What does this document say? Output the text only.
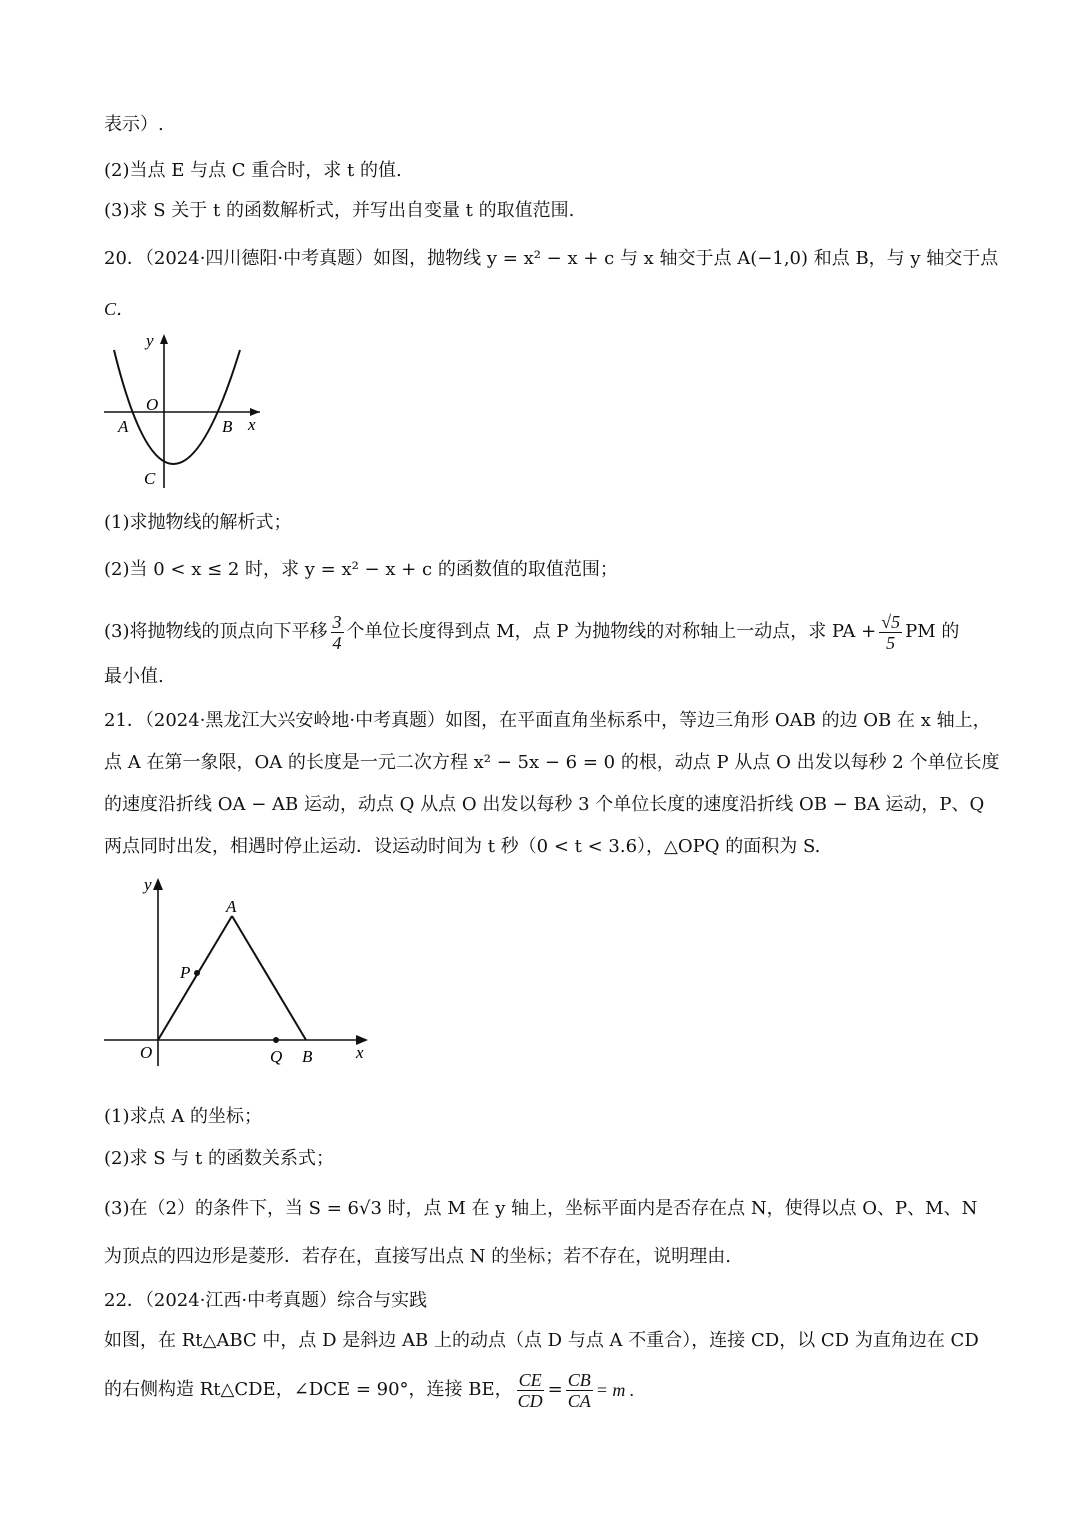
表示）.
(2)当点 E 与点 C 重合时，求 t 的值.
(3)求 S 关于 t 的函数解析式，并写出自变量 t 的取值范围.
20．（2024·四川德阳·中考真题）如图，抛物线 y = x² − x + c 与 x 轴交于点 A(−1,0) 和点 B，与 y 轴交于点
C．
y
O
A	B x
C
(1)求抛物线的解析式；
(2)当 0 < x ≤ 2 时，求 y = x² − x + c 的函数值的取值范围；
(3)将抛物线的顶点向下平移 $\frac{3}{4}$ 个单位长度得到点 M，点 P 为抛物线的对称轴上一动点，求 PA + $\frac{√5}{5}$ PM 的
最小值.
21．（2024·黑龙江大兴安岭地·中考真题）如图，在平面直角坐标系中，等边三角形 OAB 的边 OB 在 x 轴上，
点 A 在第一象限，OA 的长度是一元二次方程 x² − 5x − 6 = 0 的根，动点 P 从点 O 出发以每秒 2 个单位长度
的速度沿折线 OA − AB 运动，动点 Q 从点 O 出发以每秒 3 个单位长度的速度沿折线 OB − BA 运动，P、Q
两点同时出发，相遇时停止运动．设运动时间为 t 秒（0 < t < 3.6），△OPQ 的面积为 S.
y
A
P
O	Q B	x
(1)求点 A 的坐标；
(2)求 S 与 t 的函数关系式；
(3)在（2）的条件下，当 S = 6√3 时，点 M 在 y 轴上，坐标平面内是否存在点 N，使得以点 O、P、M、N
为顶点的四边形是菱形．若存在，直接写出点 N 的坐标；若不存在，说明理由.
22．（2024·江西·中考真题）综合与实践
如图，在 Rt△ABC 中，点 D 是斜边 AB 上的动点（点 D 与点 A 不重合），连接 CD，以 CD 为直角边在 CD
的右侧构造 Rt△CDE，∠DCE = 90°，连接 BE， $\frac{CE}{CD} = \frac{CB}{CA} = m$ .
